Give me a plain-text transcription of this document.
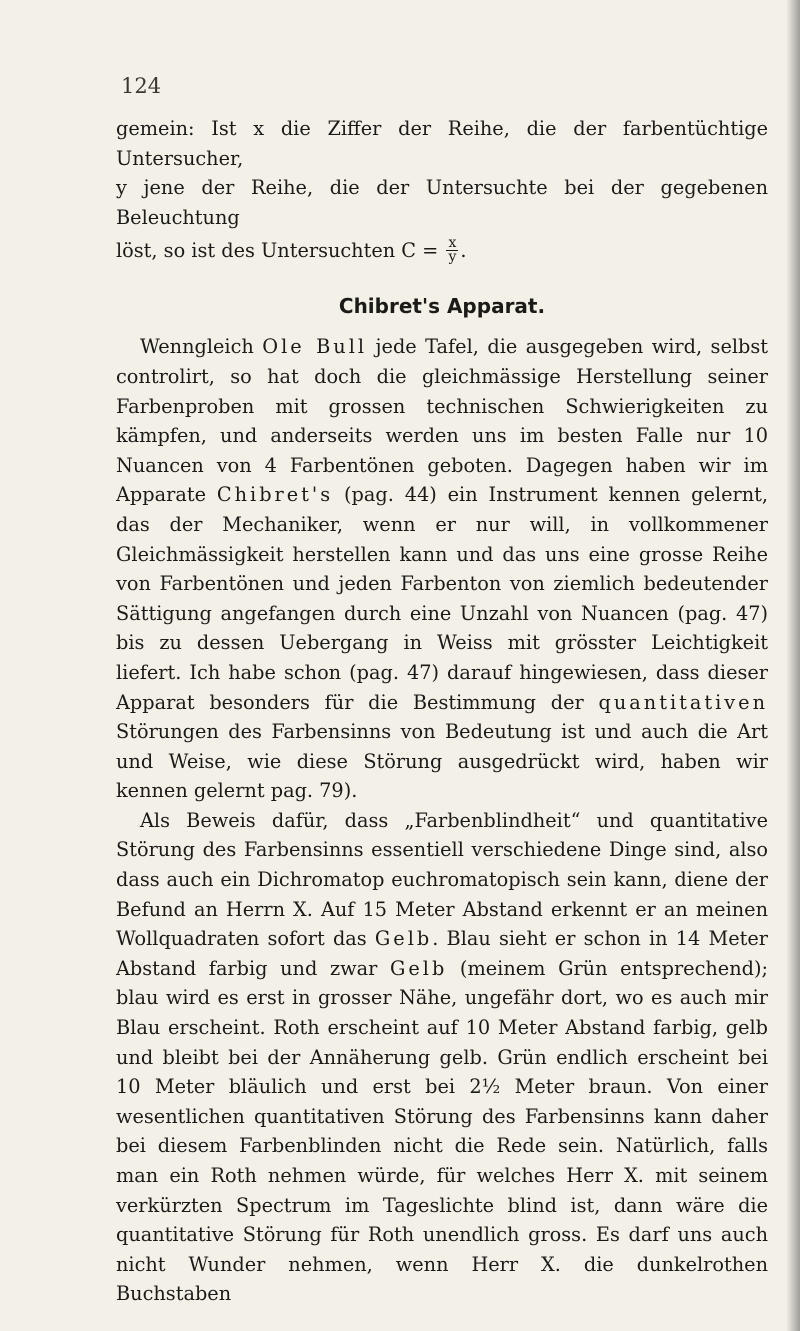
124

gemein: Ist x die Ziffer der Reihe, die der farbentüchtige Untersucher,

y jene der Reihe, die der Untersuchte bei der gegebenen Beleuchtung

löst, so ist des Untersuchten $C = \frac{x}{y}$ .

Chibret's Apparat.

Wenngleich Ole Bull jede Tafel, die ausgegeben wird, selbst controlirt, so hat doch die gleichmässige Herstellung seiner Farbenproben mit grossen technischen Schwierigkeiten zu kämpfen, und anderseits werden uns im besten Falle nur 10 Nuancen von 4 Farbentönen geboten. Dagegen haben wir im Apparate Chibret's (pag. 44) ein Instrument kennen gelernt, das der Mechaniker, wenn er nur will, in vollkommener Gleichmässigkeit herstellen kann und das uns eine grosse Reihe von Farbentönen und jeden Farbenton von ziemlich bedeutender Sättigung angefangen durch eine Unzahl von Nuancen (pag. 47) bis zu dessen Uebergang in Weiss mit grösster Leichtigkeit liefert. Ich habe schon (pag. 47) darauf hingewiesen, dass dieser Apparat besonders für die Bestimmung der quantitativen Störungen des Farbensinns von Bedeutung ist und auch die Art und Weise, wie diese Störung ausgedrückt wird, haben wir kennen gelernt pag. 79).

Als Beweis dafür, dass „Farbenblindheit“ und quantitative Störung des Farbensinns essentiell verschiedene Dinge sind, also dass auch ein Dichromatop euchromatopisch sein kann, diene der Befund an Herrn X. Auf 15 Meter Abstand erkennt er an meinen Wollquadraten sofort das Gelb. Blau sieht er schon in 14 Meter Abstand farbig und zwar Gelb (meinem Grün entsprechend); blau wird es erst in grosser Nähe, ungefähr dort, wo es auch mir Blau erscheint. Roth erscheint auf 10 Meter Abstand farbig, gelb und bleibt bei der Annäherung gelb. Grün endlich erscheint bei 10 Meter bläulich und erst bei 2½ Meter braun. Von einer wesentlichen quantitativen Störung des Farbensinns kann daher bei diesem Farbenblinden nicht die Rede sein. Natürlich, falls man ein Roth nehmen würde, für welches Herr X. mit seinem verkürzten Spectrum im Tageslichte blind ist, dann wäre die quantitative Störung für Roth unendlich gross. Es darf uns auch nicht Wunder nehmen, wenn Herr X. die dunkelrothen Buchstaben
